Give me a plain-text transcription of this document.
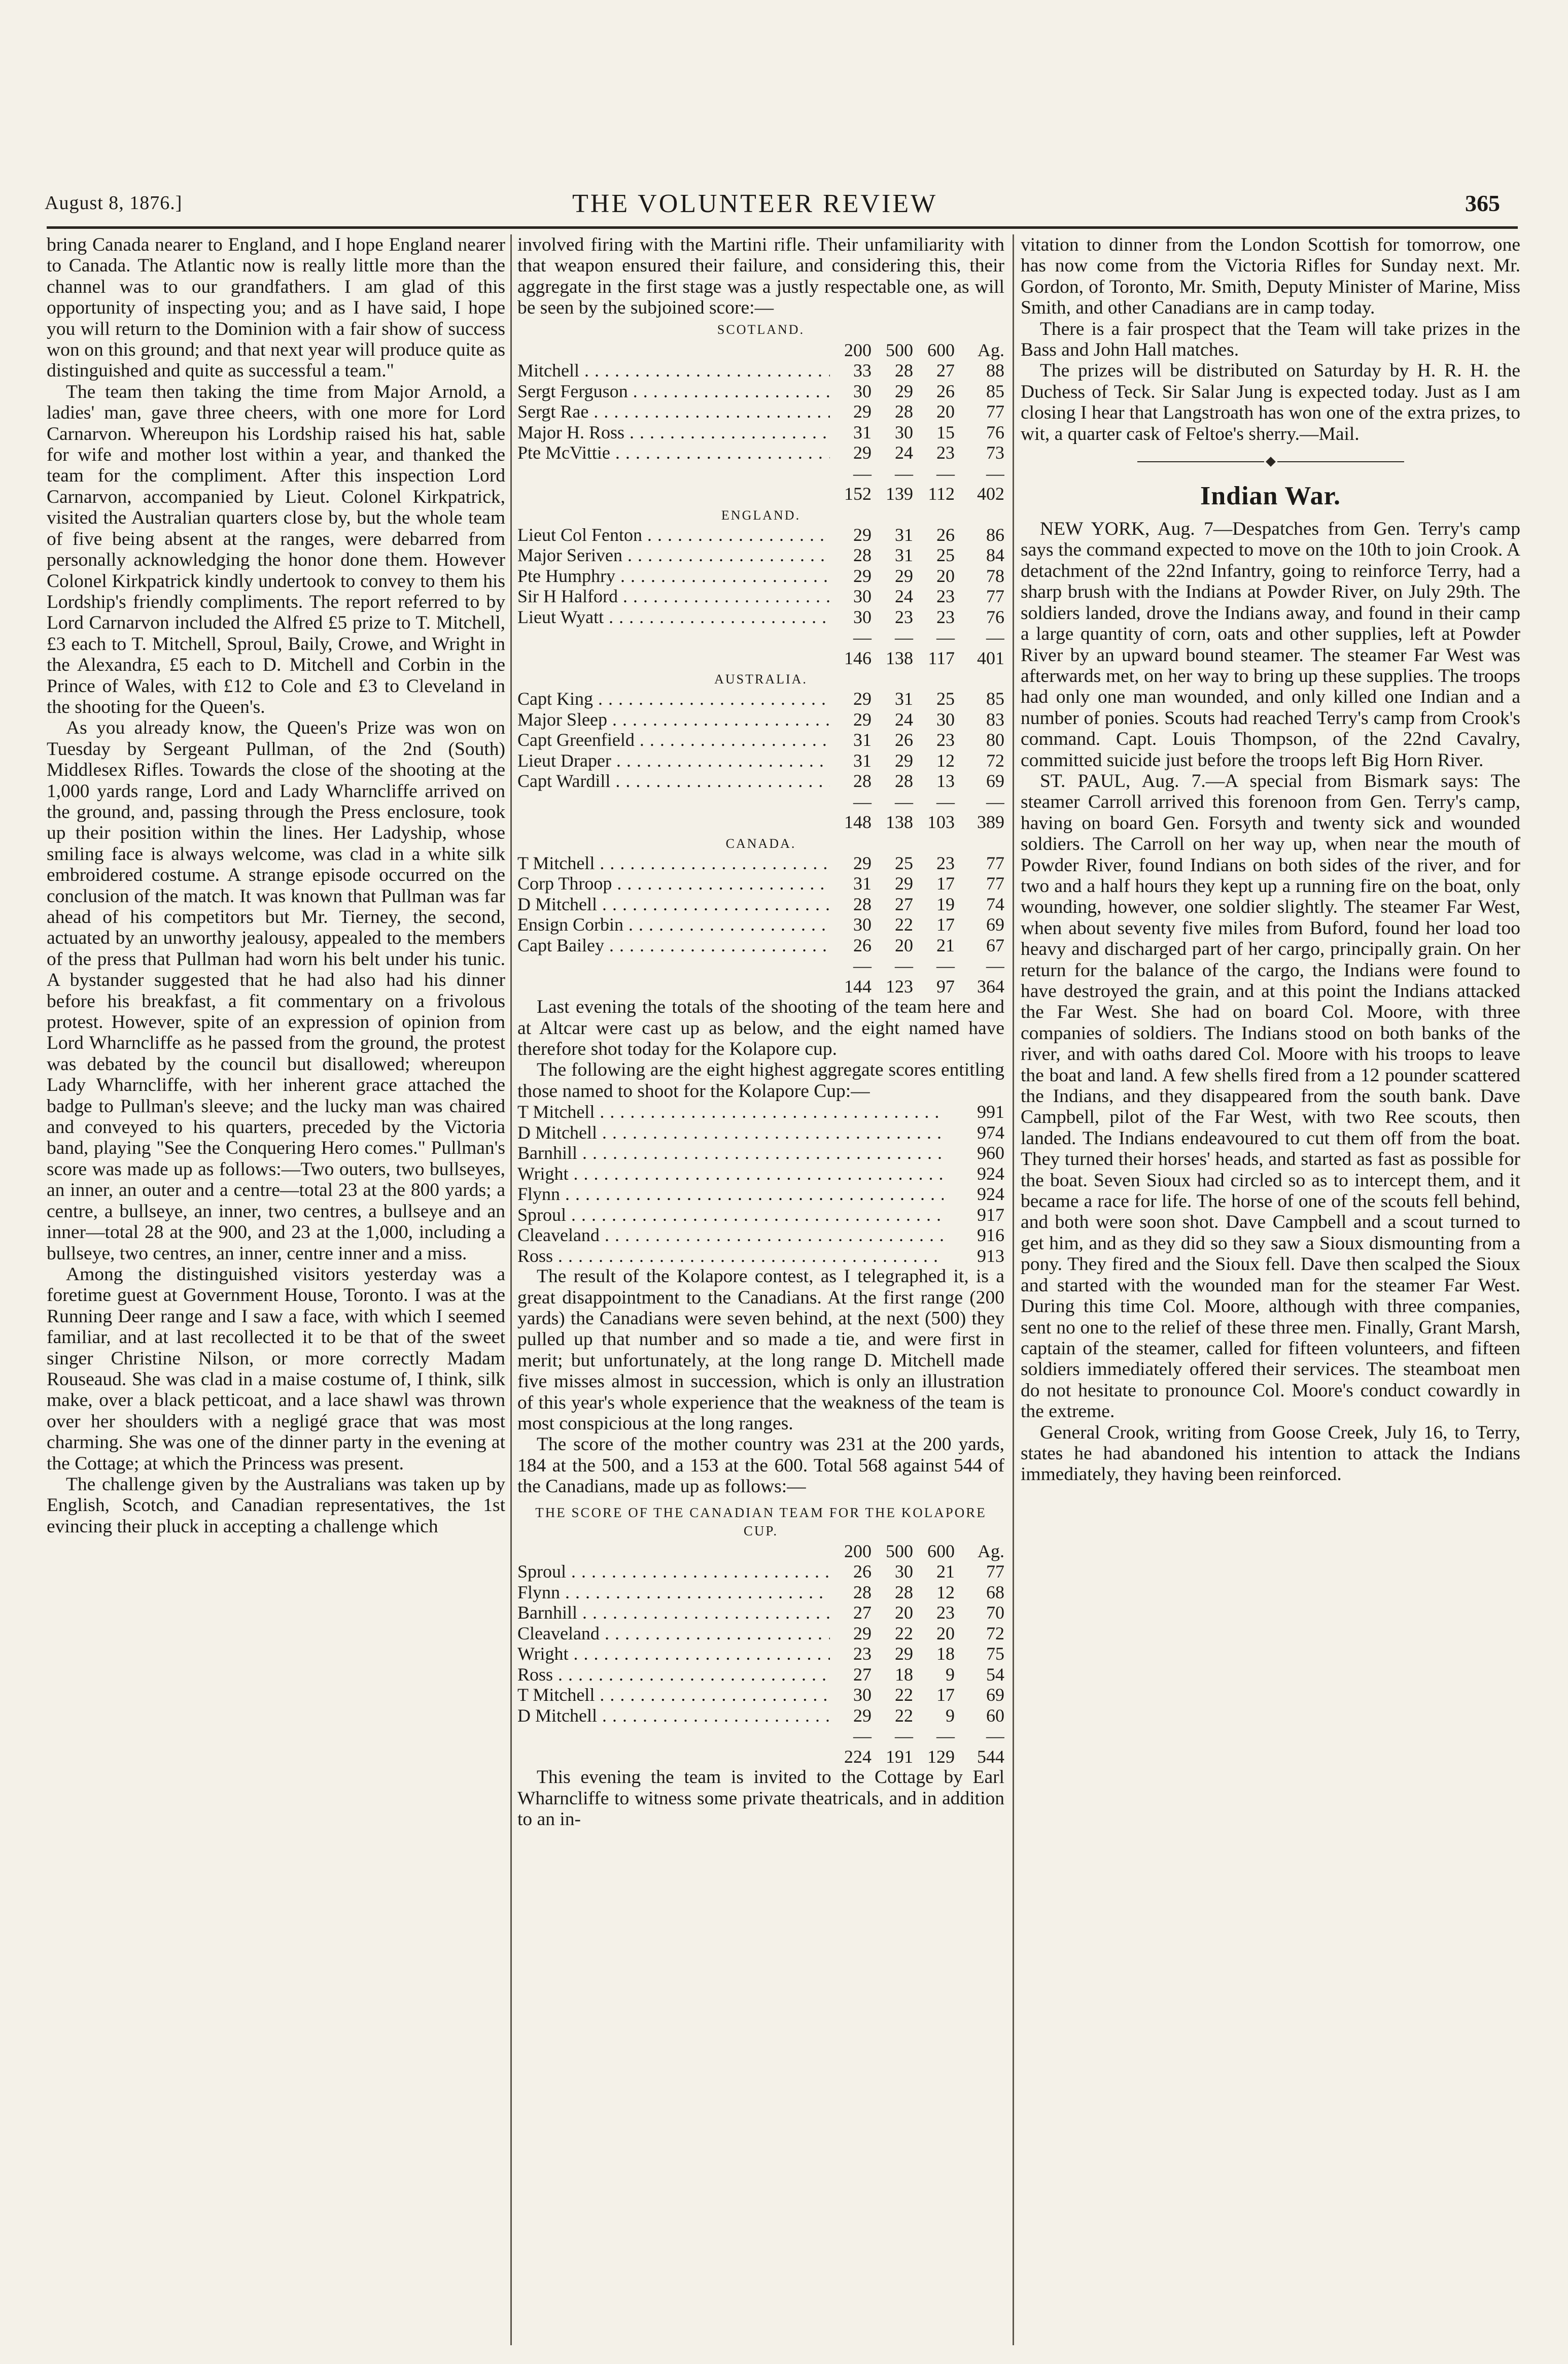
August 8, 1876.]	THE VOLUNTEER REVIEW	365

bring Canada nearer to England, and I hope England nearer to Canada. The Atlantic now is really little more than the channel was to our grandfathers. I am glad of this opportunity of inspecting you; and as I have said, I hope you will return to the Dominion with a fair show of success won on this ground; and that next year will produce quite as distinguished and quite as successful a team."

The team then taking the time from Major Arnold, a ladies' man, gave three cheers, with one more for Lord Carnarvon. Whereupon his Lordship raised his hat, sable for wife and mother lost within a year, and thanked the team for the compliment. After this inspection Lord Carnarvon, accompanied by Lieut. Colonel Kirkpatrick, visited the Australian quarters close by, but the whole team of five being absent at the ranges, were debarred from personally acknowledging the honor done them. However Colonel Kirkpatrick kindly undertook to convey to them his Lordship's friendly compliments. The report referred to by Lord Carnarvon included the Alfred £5 prize to T. Mitchell, £3 each to T. Mitchell, Sproul, Baily, Crowe, and Wright in the Alexandra, £5 each to D. Mitchell and Corbin in the Prince of Wales, with £12 to Cole and £3 to Cleveland in the shooting for the Queen's.

As you already know, the Queen's Prize was won on Tuesday by Sergeant Pullman, of the 2nd (South) Middlesex Rifles. Towards the close of the shooting at the 1,000 yards range, Lord and Lady Wharncliffe arrived on the ground, and, passing through the Press enclosure, took up their position within the lines. Her Ladyship, whose smiling face is always welcome, was clad in a white silk embroidered costume. A strange episode occurred on the conclusion of the match. It was known that Pullman was far ahead of his competitors but Mr. Tierney, the second, actuated by an unworthy jealousy, appealed to the members of the press that Pullman had worn his belt under his tunic. A bystander suggested that he had also had his dinner before his breakfast, a fit commentary on a frivolous protest. However, spite of an expression of opinion from Lord Wharncliffe as he passed from the ground, the protest was debated by the council but disallowed; whereupon Lady Wharncliffe, with her inherent grace attached the badge to Pullman's sleeve; and the lucky man was chaired and conveyed to his quarters, preceded by the Victoria band, playing "See the Conquering Hero comes." Pullman's score was made up as follows:—Two outers, two bullseyes, an inner, an outer and a centre—total 23 at the 800 yards; a centre, a bullseye, an inner, two centres, a bullseye and an inner—total 28 at the 900, and 23 at the 1,000, including a bullseye, two centres, an inner, centre inner and a miss.

Among the distinguished visitors yesterday was a foretime guest at Government House, Toronto. I was at the Running Deer range and I saw a face, with which I seemed familiar, and at last recollected it to be that of the sweet singer Christine Nilson, or more correctly Madam Rouseaud. She was clad in a maise costume of, I think, silk make, over a black petticoat, and a lace shawl was thrown over her shoulders with a negligé grace that was most charming. She was one of the dinner party in the evening at the Cottage; at which the Princess was present.

The challenge given by the Australians was taken up by English, Scotch, and Canadian representatives, the 1st evincing their pluck in accepting a challenge which

involved firing with the Martini rifle. Their unfamiliarity with that weapon ensured their failure, and considering this, their aggregate in the first stage was a justly respectable one, as will be seen by the subjoined score:—

SCOTLAND.
200 500 600	Ag.
Mitchell . . .	33	28	27	88
Sergt Ferguson . . .	30	29	26	85
Sergt Rae . . .	29	28	20	77
Major H. Ross . . .	31	30	15	76
Pte McVittie . . .	29	24	23	73
—	—	—	—
152 139 112	402
ENGLAND.
Lieut Col Fenton . . .	29	31	26	86
Major Seriven . . .	28	31	25	84
Pte Humphry . . .	29	29	20	78
Sir H Halford . . .	30	24	23	77
Lieut Wyatt . . .	30	23	23	76
—	—	—	—
146 138 117	401
AUSTRALIA.
Capt King . . .	29	31	25	85
Major Sleep . . .	29	24	30	83
Capt Greenfield . . .	31	26	23	80
Lieut Draper . . .	31	29	12	72
Capt Wardill . . .	28	28	13	69
—	—	—	—
148 138 103	389
CANADA.
T Mitchell . . .	29	25	23	77
Corp Throop . . .	31	29	17	77
D Mitchell . . .	28	27	19	74
Ensign Corbin . . .	30	22	17	69
Capt Bailey . . .	26	20	21	67
—	—	—	—
144 123	97	364

Last evening the totals of the shooting of the team here and at Altcar were cast up as below, and the eight named have therefore shot today for the Kolapore cup.

The following are the eight highest aggregate scores entitling those named to shoot for the Kolapore Cup:—

T Mitchell . . .	991
D Mitchell . . .	974
Barnhill . . .	960
Wright . . .	924
Flynn . . .	924
Sproul . . .	917
Cleaveland . . .	916
Ross . . .	913

The result of the Kolapore contest, as I telegraphed it, is a great disappointment to the Canadians. At the first range (200 yards) the Canadians were seven behind, at the next (500) they pulled up that number and so made a tie, and were first in merit; but unfortunately, at the long range D. Mitchell made five misses almost in succession, which is only an illustration of this year's whole experience that the weakness of the team is most conspicious at the long ranges.

The score of the mother country was 231 at the 200 yards, 184 at the 500, and a 153 at the 600. Total 568 against 544 of the Canadians, made up as follows:—

THE SCORE OF THE CANADIAN TEAM FOR THE KOLAPORE CUP.
200 500 600	Ag.
Sproul . . .	26	30	21	77
Flynn . . .	28	28	12	68
Barnhill . . .	27	20	23	70
Cleaveland . . .	29	22	20	72
Wright . . .	23	29	18	75
Ross . . .	27	18	9	54
T Mitchell . . .	30	22	17	69
D Mitchell . . .	29	22	9	60
—	—	—	—
224 191 129	544

This evening the team is invited to the Cottage by Earl Wharncliffe to witness some private theatricals, and in addition to an in-

vitation to dinner from the London Scottish for tomorrow, one has now come from the Victoria Rifles for Sunday next. Mr. Gordon, of Toronto, Mr. Smith, Deputy Minister of Marine, Miss Smith, and other Canadians are in camp today.

There is a fair prospect that the Team will take prizes in the Bass and John Hall matches.

The prizes will be distributed on Saturday by H. R. H. the Duchess of Teck. Sir Salar Jung is expected today. Just as I am closing I hear that Langstroath has won one of the extra prizes, to wit, a quarter cask of Feltoe's sherry.—Mail.

Indian War.

NEW YORK, Aug. 7—Despatches from Gen. Terry's camp says the command expected to move on the 10th to join Crook. A detachment of the 22nd Infantry, going to reinforce Terry, had a sharp brush with the Indians at Powder River, on July 29th. The soldiers landed, drove the Indians away, and found in their camp a large quantity of corn, oats and other supplies, left at Powder River by an upward bound steamer. The steamer Far West was afterwards met, on her way to bring up these supplies. The troops had only one man wounded, and only killed one Indian and a number of ponies. Scouts had reached Terry's camp from Crook's command. Capt. Louis Thompson, of the 22nd Cavalry, committed suicide just before the troops left Big Horn River.

ST. PAUL, Aug. 7.—A special from Bismark says: The steamer Carroll arrived this forenoon from Gen. Terry's camp, having on board Gen. Forsyth and twenty sick and wounded soldiers. The Carroll on her way up, when near the mouth of Powder River, found Indians on both sides of the river, and for two and a half hours they kept up a running fire on the boat, only wounding, however, one soldier slightly. The steamer Far West, when about seventy five miles from Buford, found her load too heavy and discharged part of her cargo, principally grain. On her return for the balance of the cargo, the Indians were found to have destroyed the grain, and at this point the Indians attacked the Far West. She had on board Col. Moore, with three companies of soldiers. The Indians stood on both banks of the river, and with oaths dared Col. Moore with his troops to leave the boat and land. A few shells fired from a 12 pounder scattered the Indians, and they disappeared from the south bank. Dave Campbell, pilot of the Far West, with two Ree scouts, then landed. The Indians endeavoured to cut them off from the boat. They turned their horses' heads, and started as fast as possible for the boat. Seven Sioux had circled so as to intercept them, and it became a race for life. The horse of one of the scouts fell behind, and both were soon shot. Dave Campbell and a scout turned to get him, and as they did so they saw a Sioux dismounting from a pony. They fired and the Sioux fell. Dave then scalped the Sioux and started with the wounded man for the steamer Far West. During this time Col. Moore, although with three companies, sent no one to the relief of these three men. Finally, Grant Marsh, captain of the steamer, called for fifteen volunteers, and fifteen soldiers immediately offered their services. The steamboat men do not hesitate to pronounce Col. Moore's conduct cowardly in the extreme.

General Crook, writing from Goose Creek, July 16, to Terry, states he had abandoned his intention to attack the Indians immediately, they having been reinforced.
